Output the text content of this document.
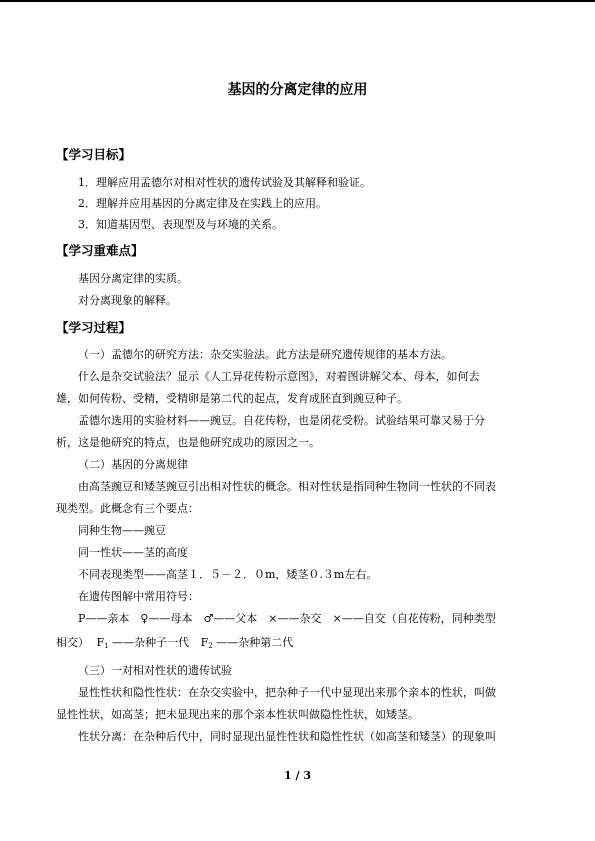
基因的分离定律的应用
【学习目标】
1．理解应用孟德尔对相对性状的遗传试验及其解释和验证。
2．理解并应用基因的分离定律及在实践上的应用。
3．知道基因型、表现型及与环境的关系。
【学习重难点】
基因分离定律的实质。
对分离现象的解释。
【学习过程】
（一）孟德尔的研究方法：杂交实验法。此方法是研究遗传规律的基本方法。
什么是杂交试验法？显示《人工异花传粉示意图》，对着图讲解父本、母本，如何去
雄，如何传粉、受精，受精卵是第二代的起点，发育成胚直到豌豆种子。
孟德尔选用的实验材料——豌豆。自花传粉，也是闭花受粉。试验结果可靠又易于分
析，这是他研究的特点，也是他研究成功的原因之一。
（二）基因的分离规律
由高茎豌豆和矮茎豌豆引出相对性状的概念。相对性状是指同种生物同一性状的不同表
现类型。此概念有三个要点：
同种生物——豌豆
同一性状——茎的高度
不同表现类型——高茎１．５－２．０m，矮茎０.３m左右。
在遗传图解中常用符号：
P——亲本　♀——母本　♂——父本　×——杂交　×——自交（自花传粉，同种类型
相交） $F_1$ ——杂种子一代 $F_2$ ——杂种第二代
（三）一对相对性状的遗传试验
显性性状和隐性性状：在杂交实验中，把杂种子一代中显现出来那个亲本的性状，叫做
显性性状，如高茎；把未显现出来的那个亲本性状叫做隐性性状，如矮茎。
性状分离：在杂种后代中，同时显现出显性性状和隐性性状（如高茎和矮茎）的现象叫
1 / 3
